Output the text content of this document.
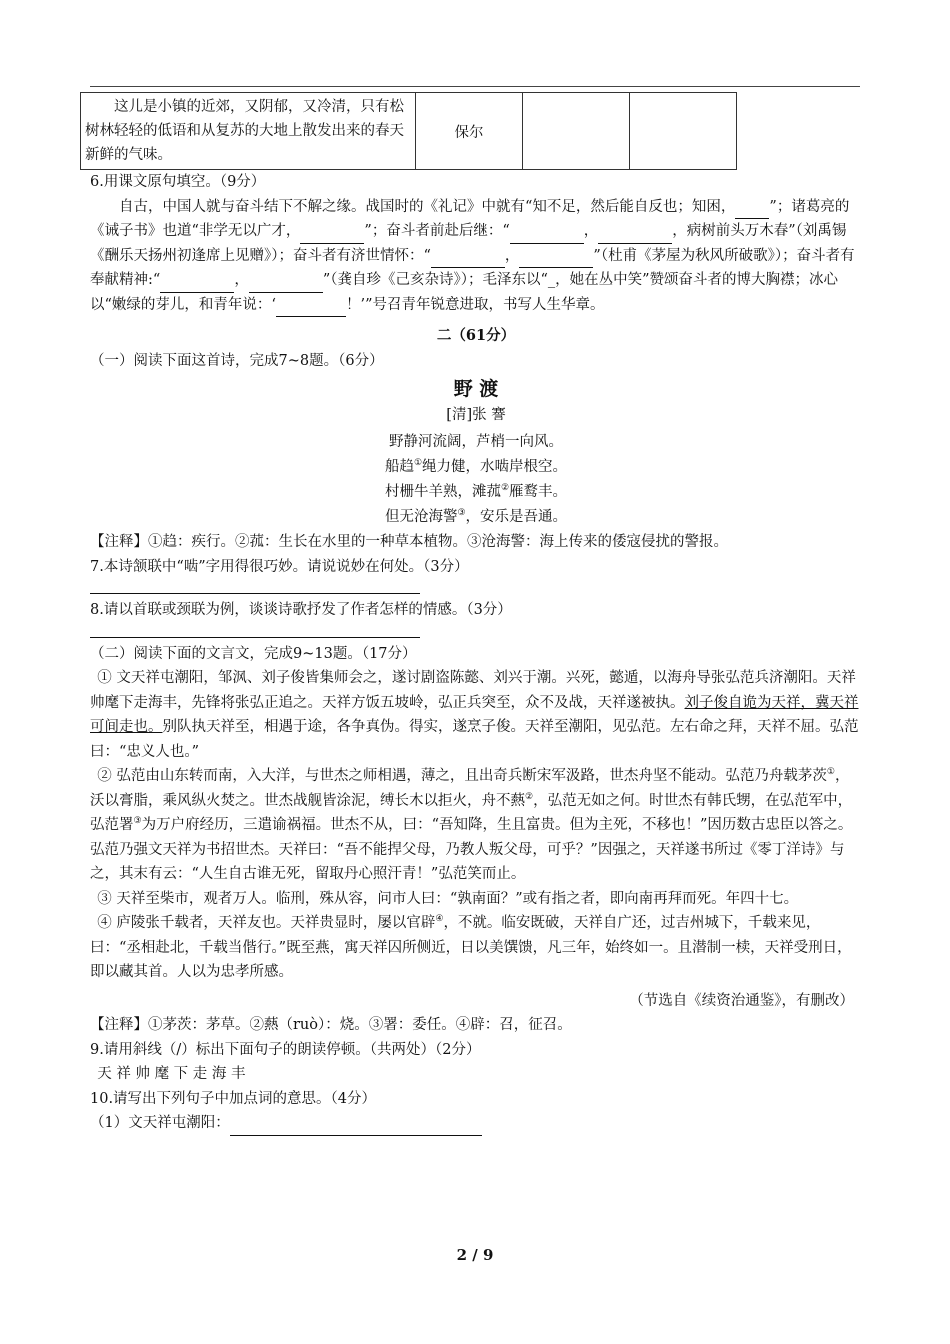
这儿是小镇的近郊，又阴郁，又冷清，只有松树林轻轻的低语和从复苏的大地上散发出来的春天新鲜的气味。	保尔		

6.用课文原句填空。（9分）

自古，中国人就与奋斗结下不解之缘。战国时的《礼记》中就有“知不足，然后能自反也；知困， ”；诸葛亮的《诫子书》也道“非学无以广才，	”；奋斗者前赴后继：“	，	，病树前头万木春”（刘禹锡《酬乐天扬州初逢席上见赠》）；奋斗者有济世情怀：“	，	”（杜甫《茅屋为秋风所破歌》）；奋斗者有奉献精神:“	，	”（龚自珍《己亥杂诗》）；毛泽东以“_，她在丛中笑”赞颂奋斗者的博大胸襟；冰心以“嫩绿的芽儿，和青年说：‘	！’”号召青年锐意进取，书写人生华章。

二（61分）

（一）阅读下面这首诗，完成7~8题。（6分）

野 渡

[清]张 謇

野静河流阔，芦梢一向风。

船趋①绳力健，水啮岸根空。

村栅牛羊熟，滩菰②雁鹜丰。

但无沧海警③，安乐是吾通。

【注释】①趋：疾行。②菰：生长在水里的一种草本植物。③沧海警：海上传来的倭寇侵扰的警报。

7.本诗颔联中“啮”字用得很巧妙。请说说妙在何处。（3分）

8.请以首联或颈联为例，谈谈诗歌抒发了作者怎样的情感。（3分）

（二）阅读下面的文言文，完成9~13题。（17分）

① 文天祥屯潮阳，邹沨、刘子俊皆集师会之，遂讨剧盗陈懿、刘兴于潮。兴死，懿遁，以海舟导张弘范兵济潮阳。天祥帅麾下走海丰，先锋将张弘正追之。天祥方饭五坡岭，弘正兵突至，众不及战，天祥遂被执。刘子俊自诡为天祥，冀天祥可间走也。别队执天祥至，相遇于途，各争真伪。得实，遂烹子俊。天祥至潮阳，见弘范。左右命之拜，天祥不屈。弘范曰：“忠义人也。”

② 弘范由山东转而南，入大洋，与世杰之师相遇，薄之，且出奇兵断宋军汲路，世杰舟坚不能动。弘范乃舟载茅茨①，沃以膏脂，乘风纵火焚之。世杰战舰皆涂泥，缚长木以拒火，舟不爇②，弘范无如之何。时世杰有韩氏甥，在弘范军中，弘范署③为万户府经历，三遣谕祸福。世杰不从，曰：“吾知降，生且富贵。但为主死，不移也！”因历数古忠臣以答之。弘范乃强文天祥为书招世杰。天祥曰：“吾不能捍父母，乃教人叛父母，可乎？”因强之，天祥遂书所过《零丁洋诗》与之，其末有云：“人生自古谁无死，留取丹心照汗青！”弘范笑而止。

③ 天祥至柴市，观者万人。临刑，殊从容，问市人曰：“孰南面？”或有指之者，即向南再拜而死。年四十七。

④ 庐陵张千载者，天祥友也。天祥贵显时，屡以官辟④，不就。临安既破，天祥自广还，过吉州城下，千载来见，曰：“丞相赴北，千载当偕行。”既至燕，寓天祥囚所侧近，日以美馔馈，凡三年，始终如一。且潜制一椟，天祥受刑日，即以藏其首。人以为忠孝所感。

（节选自《续资治通鉴》，有删改）

【注释】①茅茨：茅草。②爇（ruò）：烧。③署：委任。④辟：召，征召。

9.请用斜线（/）标出下面句子的朗读停顿。（共两处）（2分）

天 祥 帅 麾 下 走 海 丰

10.请写出下列句子中加点词的意思。（4分）

（1）文天祥屯潮阳：

2 / 9
